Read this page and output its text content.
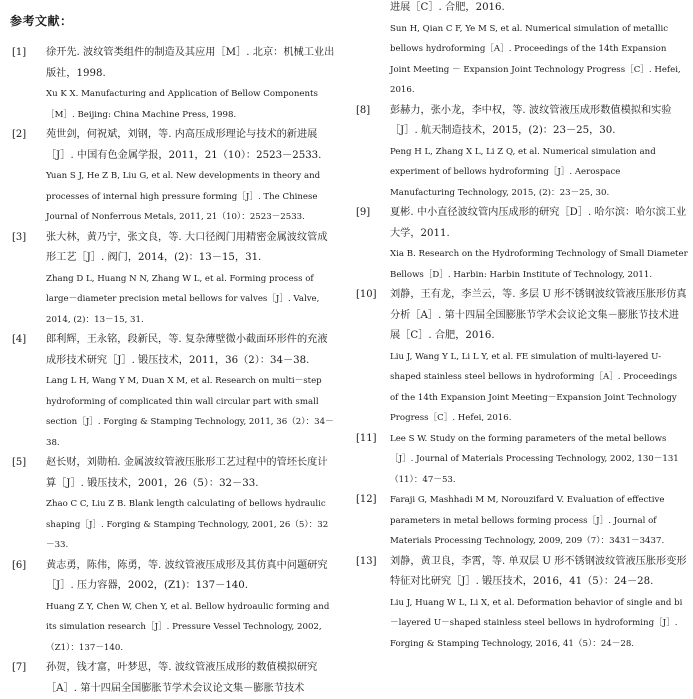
参考文献：
[1]	徐开先. 波纹管类组件的制造及其应用［M］. 北京：机械工业出版社，1998.
Xu K X. Manufacturing and Application of Bellow Components［M］. Beijing: China Machine Press, 1998.
[2]	苑世剑，何祝斌，刘钢，等. 内高压成形理论与技术的新进展［J］. 中国有色金属学报，2011，21（10）：2523－2533.
Yuan S J, He Z B, Liu G, et al. New developments in theory and processes of internal high pressure forming［J］. The Chinese Journal of Nonferrous Metals, 2011, 21（10）：2523－2533.
[3]	张大林，黄乃宁，张文良，等. 大口径阀门用精密金属波纹管成形工艺［J］. 阀门，2014，(2)：13－15，31.
Zhang D L, Huang N N, Zhang W L, et al. Forming process of large－diameter precision metal bellows for valves［J］. Valve, 2014, (2)：13－15, 31.
[4]	郎利辉，王永铭，段新民，等. 复杂薄壁微小截面环形件的充液成形技术研究［J］. 锻压技术，2011，36（2）：34－38.
Lang L H, Wang Y M, Duan X M, et al. Research on multi－step hydroforming of complicated thin wall circular part with small section［J］. Forging & Stamping Technology, 2011, 36（2）：34－38.
[5]	赵长财，刘勋柏. 金属波纹管液压胀形工艺过程中的管坯长度计算［J］. 锻压技术，2001，26（5）：32－33.
Zhao C C, Liu Z B. Blank length calculating of bellows hydraulic shaping［J］. Forging & Stamping Technology, 2001, 26（5）：32－33.
[6]	黄志勇，陈伟，陈勇，等. 波纹管液压成形及其仿真中问题研究［J］. 压力容器，2002，(Z1)：137－140.
Huang Z Y, Chen W, Chen Y, et al. Bellow hydroaulic forming and its simulation research［J］. Pressure Vessel Technology, 2002,（Z1）：137－140.
[7]	孙贺，钱才富，叶梦思，等. 波纹管液压成形的数值模拟研究［A］. 第十四届全国膨胀节学术会议论文集－膨胀节技术
进展［C］. 合肥，2016.
Sun H, Qian C F, Ye M S, et al. Numerical simulation of metallic bellows hydroforming［A］. Proceedings of the 14th Expansion Joint Meeting － Expansion Joint Technology Progress［C］. Hefei, 2016.
[8]	彭赫力，张小龙，李中权，等. 波纹管液压成形数值模拟和实验［J］. 航天制造技术，2015，(2)：23－25，30.
Peng H L, Zhang X L, Li Z Q, et al. Numerical simulation and experiment of bellows hydroforming［J］. Aerospace Manufacturing Technology, 2015, (2)：23－25, 30.
[9]	夏彬. 中小直径波纹管内压成形的研究［D］. 哈尔滨：哈尔滨工业大学，2011.
Xia B. Research on the Hydroforming Technology of Small Diameter Bellows［D］. Harbin: Harbin Institute of Technology, 2011.
[10]	刘静，王有龙，李兰云，等. 多层 U 形不锈钢波纹管液压胀形仿真分析［A］. 第十四届全国膨胀节学术会议论文集－膨胀节技术进展［C］. 合肥，2016.
Liu J, Wang Y L, Li L Y, et al. FE simulation of multi-layered U-shaped stainless steel bellows in hydroforming［A］. Proceedings of the 14th Expansion Joint Meeting－Expansion Joint Technology Progress［C］. Hefei, 2016.
[11]	Lee S W. Study on the forming parameters of the metal bellows［J］. Journal of Materials Processing Technology, 2002, 130－131（11）：47－53.
[12]	Faraji G, Mashhadi M M, Norouzifard V. Evaluation of effective parameters in metal bellows forming process［J］. Journal of Materials Processing Technology, 2009, 209（7）：3431－3437.
[13]	刘静，黄卫良，李霄，等. 单双层 U 形不锈钢波纹管液压胀形变形特征对比研究［J］. 锻压技术，2016，41（5）：24－28.
Liu J, Huang W L, Li X, et al. Deformation behavior of single and bi－layered U－shaped stainless steel bellows in hydroforming［J］. Forging & Stamping Technology, 2016, 41（5）：24－28.
